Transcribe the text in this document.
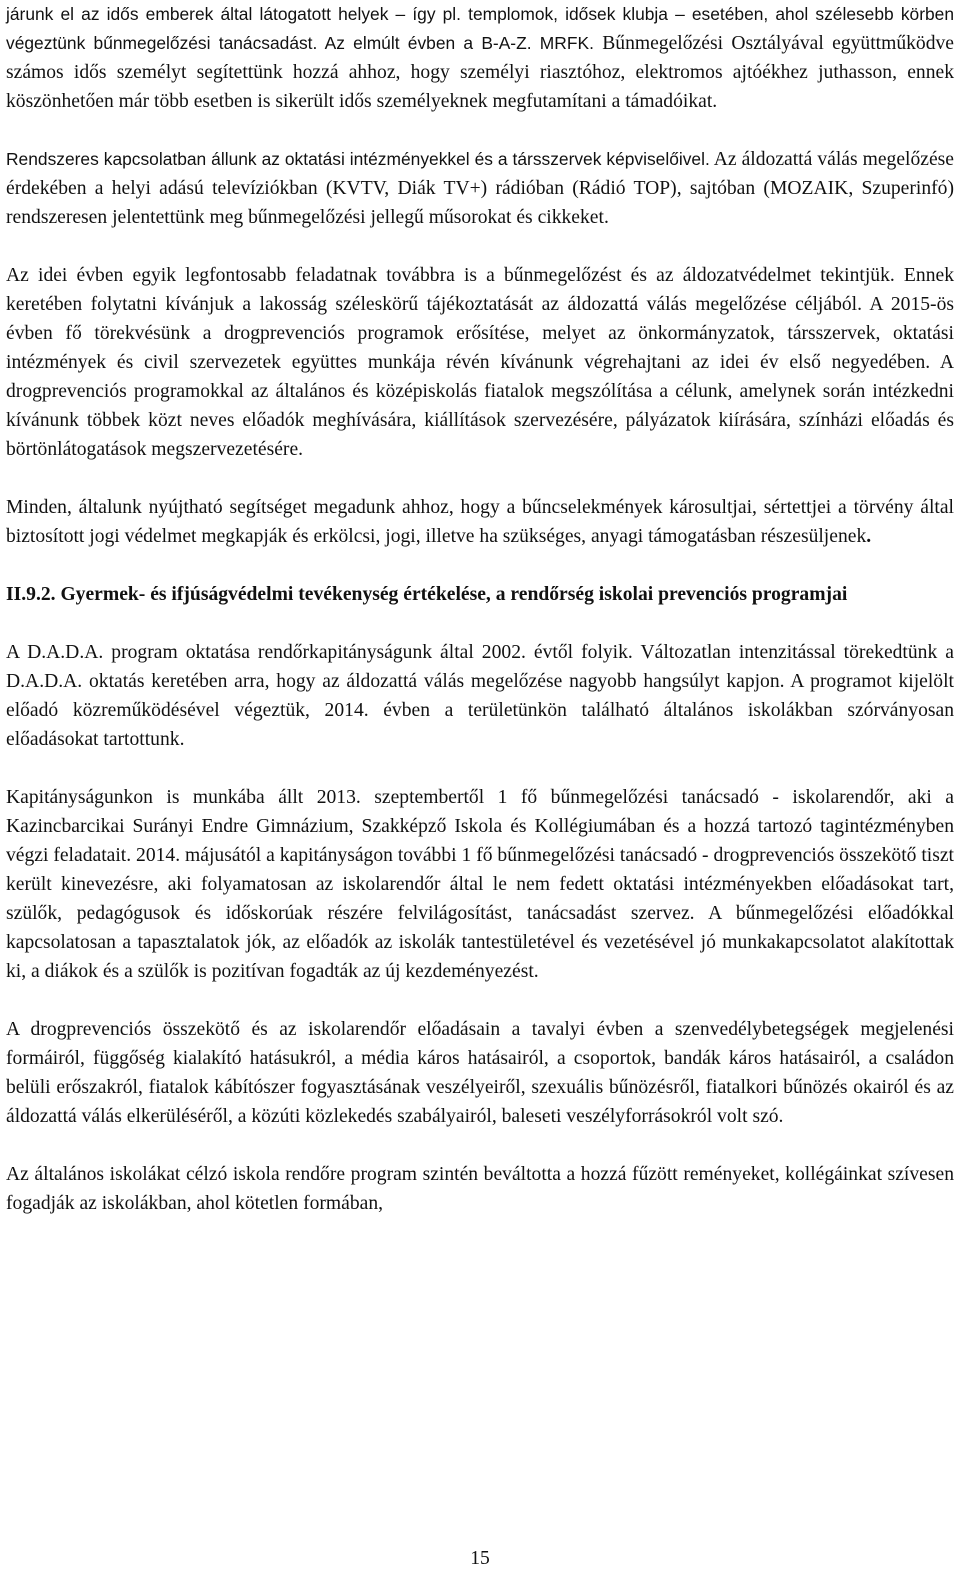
járunk el az idős emberek által látogatott helyek – így pl. templomok, idősek klubja – esetében, ahol szélesebb körben végeztünk bűnmegelőzési tanácsadást. Az elmúlt évben a B-A-Z. MRFK. Bűnmegelőzési Osztályával együttműködve számos idős személyt segítettünk hozzá ahhoz, hogy személyi riasztóhoz, elektromos ajtóékhez juthasson, ennek köszönhetően már több esetben is sikerült idős személyeknek megfutamítani a támadóikat.

Rendszeres kapcsolatban állunk az oktatási intézményekkel és a társszervek képviselőivel. Az áldozattá válás megelőzése érdekében a helyi adású televíziókban (KVTV, Diák TV+) rádióban (Rádió TOP), sajtóban (MOZAIK, Szuperinfó) rendszeresen jelentettünk meg bűnmegelőzési jellegű műsorokat és cikkeket.

Az idei évben egyik legfontosabb feladatnak továbbra is a bűnmegelőzést és az áldozatvédelmet tekintjük. Ennek keretében folytatni kívánjuk a lakosság széleskörű tájékoztatását az áldozattá válás megelőzése céljából. A 2015-ös évben fő törekvésünk a drogprevenciós programok erősítése, melyet az önkormányzatok, társszervek, oktatási intézmények és civil szervezetek együttes munkája révén kívánunk végrehajtani az idei év első negyedében. A drogprevenciós programokkal az általános és középiskolás fiatalok megszólítása a célunk, amelynek során intézkedni kívánunk többek közt neves előadók meghívására, kiállítások szervezésére, pályázatok kiírására, színházi előadás és börtönlátogatások megszervezetésére.

Minden, általunk nyújtható segítséget megadunk ahhoz, hogy a bűncselekmények károsultjai, sértettjei a törvény által biztosított jogi védelmet megkapják és erkölcsi, jogi, illetve ha szükséges, anyagi támogatásban részesüljenek.

II.9.2. Gyermek- és ifjúságvédelmi tevékenység értékelése, a rendőrség iskolai prevenciós programjai

A D.A.D.A. program oktatása rendőrkapitányságunk által 2002. évtől folyik. Változatlan intenzitással törekedtünk a D.A.D.A. oktatás keretében arra, hogy az áldozattá válás megelőzése nagyobb hangsúlyt kapjon. A programot kijelölt előadó közreműködésével végeztük, 2014. évben a területünkön található általános iskolákban szórványosan előadásokat tartottunk.

Kapitányságunkon is munkába állt 2013. szeptembertől 1 fő bűnmegelőzési tanácsadó - iskolarendőr, aki a Kazincbarcikai Surányi Endre Gimnázium, Szakképző Iskola és Kollégiumában és a hozzá tartozó tagintézményben végzi feladatait. 2014. májusától a kapitányságon további 1 fő bűnmegelőzési tanácsadó - drogprevenciós összekötő tiszt került kinevezésre, aki folyamatosan az iskolarendőr által le nem fedett oktatási intézményekben előadásokat tart, szülők, pedagógusok és időskorúak részére felvilágosítást, tanácsadást szervez. A bűnmegelőzési előadókkal kapcsolatosan a tapasztalatok jók, az előadók az iskolák tantestületével és vezetésével jó munkakapcsolatot alakítottak ki, a diákok és a szülők is pozitívan fogadták az új kezdeményezést.

A drogprevenciós összekötő és az iskolarendőr előadásain a tavalyi évben a szenvedélybetegségek megjelenési formáiról, függőség kialakító hatásukról, a média káros hatásairól, a csoportok, bandák káros hatásairól, a családon belüli erőszakról, fiatalok kábítószer fogyasztásának veszélyeiről, szexuális bűnözésről, fiatalkori bűnözés okairól és az áldozattá válás elkerüléséről, a közúti közlekedés szabályairól, baleseti veszélyforrásokról volt szó.

Az általános iskolákat célzó iskola rendőre program szintén beváltotta a hozzá fűzött reményeket, kollégáinkat szívesen fogadják az iskolákban, ahol kötetlen formában,

15
